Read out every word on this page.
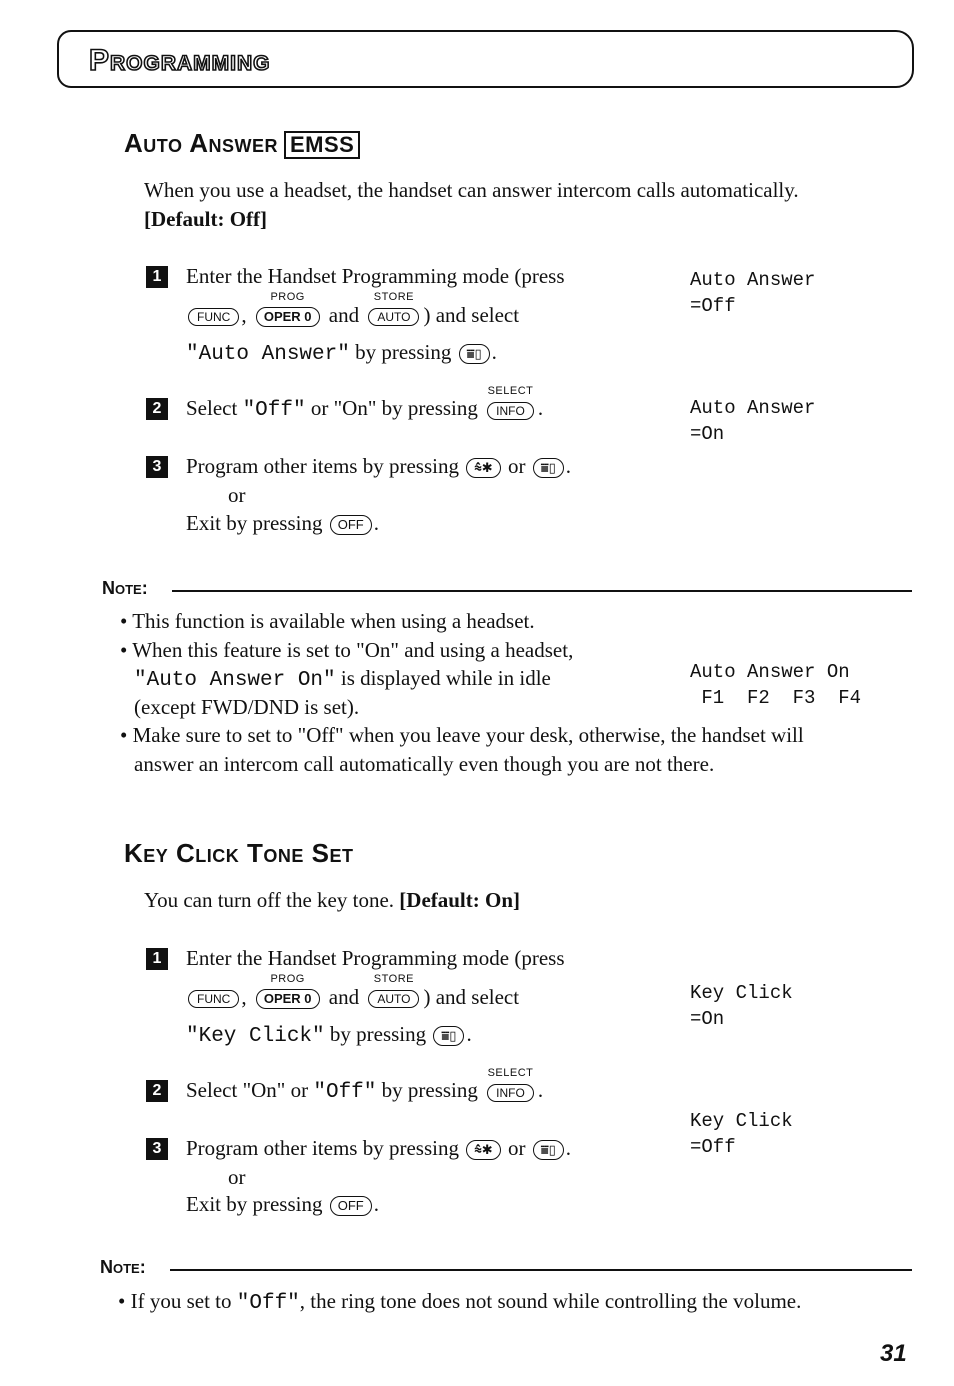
Programming
Auto Answer EMSS
When you use a headset, the handset can answer intercom calls automatically.
[Default: Off]
1	Enter the Handset Programming mode (press
FUNC ,
PROG
OPER 0 and
STORE
AUTO ) and select
"Auto Answer" by pressing ⩸▯ .
Auto Answer
=Off
2	Select "Off" or "On" by pressing
SELECT
INFO .	Auto Answer
=On
3	Program other items by pressing ⩯✱ or ⩸▯ .
or
Exit by pressing OFF .
Note:
• This function is available when using a headset.
• When this feature is set to "On" and using a headset,
"Auto Answer On" is displayed while in idle
(except FWD/DND is set).
Auto Answer On
F1  F2  F3  F4
• Make sure to set to "Off" when you leave your desk, otherwise, the handset will
answer an intercom call automatically even though you are not there.
Key Click Tone Set
You can turn off the key tone. [Default: On]
1	Enter the Handset Programming mode (press
FUNC ,
PROG
OPER 0 and
STORE
AUTO ) and select
"Key Click" by pressing ⩸▯ .
Key Click
=On
2	Select "On" or "Off" by pressing
SELECT
INFO .
Key Click
=Off
3	Program other items by pressing ⩯✱ or ⩸▯ .
or
Exit by pressing OFF .
Note:
• If you set to "Off", the ring tone does not sound while controlling the volume.
31
